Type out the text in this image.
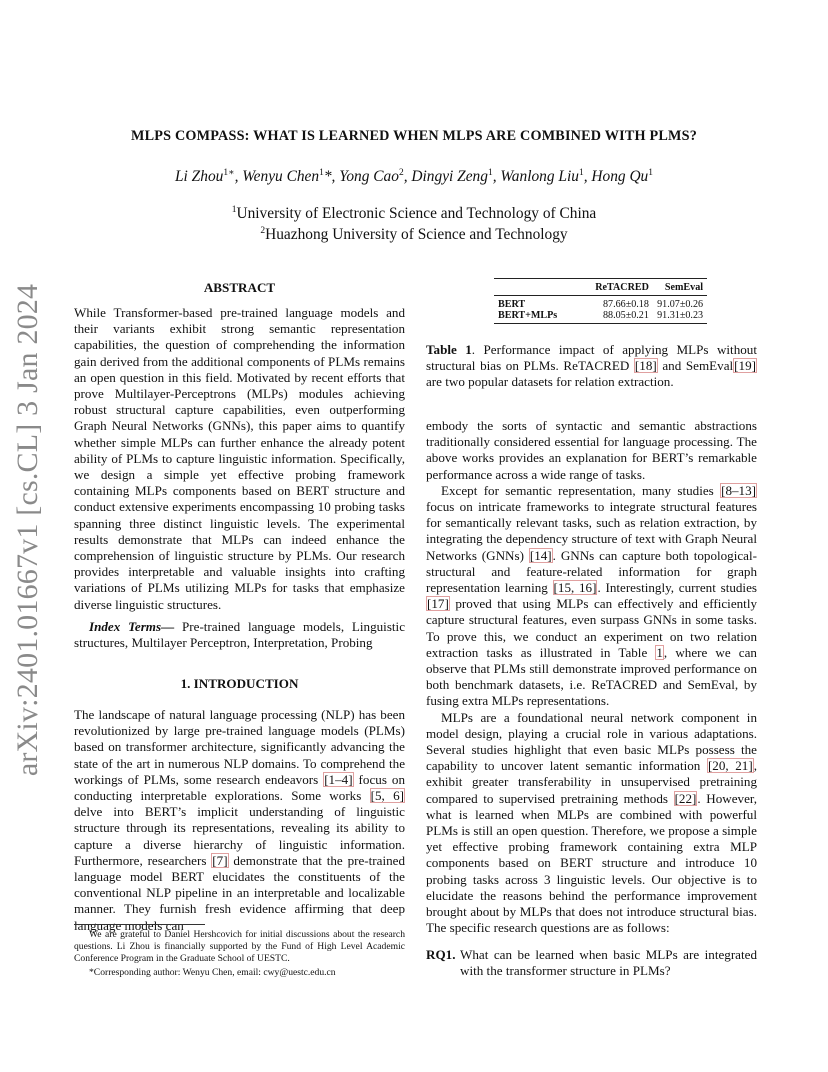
arXiv:2401.01667v1 [cs.CL] 3 Jan 2024
MLPS COMPASS: WHAT IS LEARNED WHEN MLPS ARE COMBINED WITH PLMS?
Li Zhou$^{1∗}$, Wenyu Chen$^1$*, Yong Cao$^2$, Dingyi Zeng$^1$, Wanlong Liu$^1$, Hong Qu$^1$
$^1$University of Electronic Science and Technology of China
$^2$Huazhong University of Science and Technology
ABSTRACT

While Transformer-based pre-trained language models and their variants exhibit strong semantic representation capabilities, the question of comprehending the information gain derived from the additional components of PLMs remains an open question in this field. Motivated by recent efforts that prove Multilayer-Perceptrons (MLPs) modules achieving robust structural capture capabilities, even outperforming Graph Neural Networks (GNNs), this paper aims to quantify whether simple MLPs can further enhance the already potent ability of PLMs to capture linguistic information. Specifically, we design a simple yet effective probing framework containing MLPs components based on BERT structure and conduct extensive experiments encompassing 10 probing tasks spanning three distinct linguistic levels. The experimental results demonstrate that MLPs can indeed enhance the comprehension of linguistic structure by PLMs. Our research provides interpretable and valuable insights into crafting variations of PLMs utilizing MLPs for tasks that emphasize diverse linguistic structures.

Index Terms— Pre-trained language models, Linguistic structures, Multilayer Perceptron, Interpretation, Probing

1. INTRODUCTION

The landscape of natural language processing (NLP) has been revolutionized by large pre-trained language models (PLMs) based on transformer architecture, significantly advancing the state of the art in numerous NLP domains. To comprehend the workings of PLMs, some research endeavors [1–4] focus on conducting interpretable explorations. Some works [5, 6] delve into BERT’s implicit understanding of linguistic structure through its representations, revealing its ability to capture a diverse hierarchy of linguistic information. Furthermore, researchers [7] demonstrate that the pre-trained language model BERT elucidates the constituents of the conventional NLP pipeline in an interpretable and localizable manner. They furnish fresh evidence affirming that deep language models can

We are grateful to Daniel Hershcovich for initial discussions about the research questions. Li Zhou is financially supported by the Fund of High Level Academic Conference Program in the Graduate School of UESTC.

*Corresponding author: Wenyu Chen, email: cwy@uestc.edu.cn

	ReTACRED	SemEval
BERT	87.66±0.18	91.07±0.26
BERT+MLPs	88.05±0.21	91.31±0.23

Table 1. Performance impact of applying MLPs without structural bias on PLMs. ReTACRED [18] and SemEval[19] are two popular datasets for relation extraction.

embody the sorts of syntactic and semantic abstractions traditionally considered essential for language processing. The above works provides an explanation for BERT’s remarkable performance across a wide range of tasks.

Except for semantic representation, many studies [8–13] focus on intricate frameworks to integrate structural features for semantically relevant tasks, such as relation extraction, by integrating the dependency structure of text with Graph Neural Networks (GNNs) [14]. GNNs can capture both topological-structural and feature-related information for graph representation learning [15, 16]. Interestingly, current studies [17] proved that using MLPs can effectively and efficiently capture structural features, even surpass GNNs in some tasks. To prove this, we conduct an experiment on two relation extraction tasks as illustrated in Table 1, where we can observe that PLMs still demonstrate improved performance on both benchmark datasets, i.e. ReTACRED and SemEval, by fusing extra MLPs representations.

MLPs are a foundational neural network component in model design, playing a crucial role in various adaptations. Several studies highlight that even basic MLPs possess the capability to uncover latent semantic information [20, 21], exhibit greater transferability in unsupervised pretraining compared to supervised pretraining methods [22]. However, what is learned when MLPs are combined with powerful PLMs is still an open question. Therefore, we propose a simple yet effective probing framework containing extra MLP components based on BERT structure and introduce 10 probing tasks across 3 linguistic levels. Our objective is to elucidate the reasons behind the performance improvement brought about by MLPs that does not introduce structural bias. The specific research questions are as follows:

RQ1. What can be learned when basic MLPs are integrated with the transformer structure in PLMs?
